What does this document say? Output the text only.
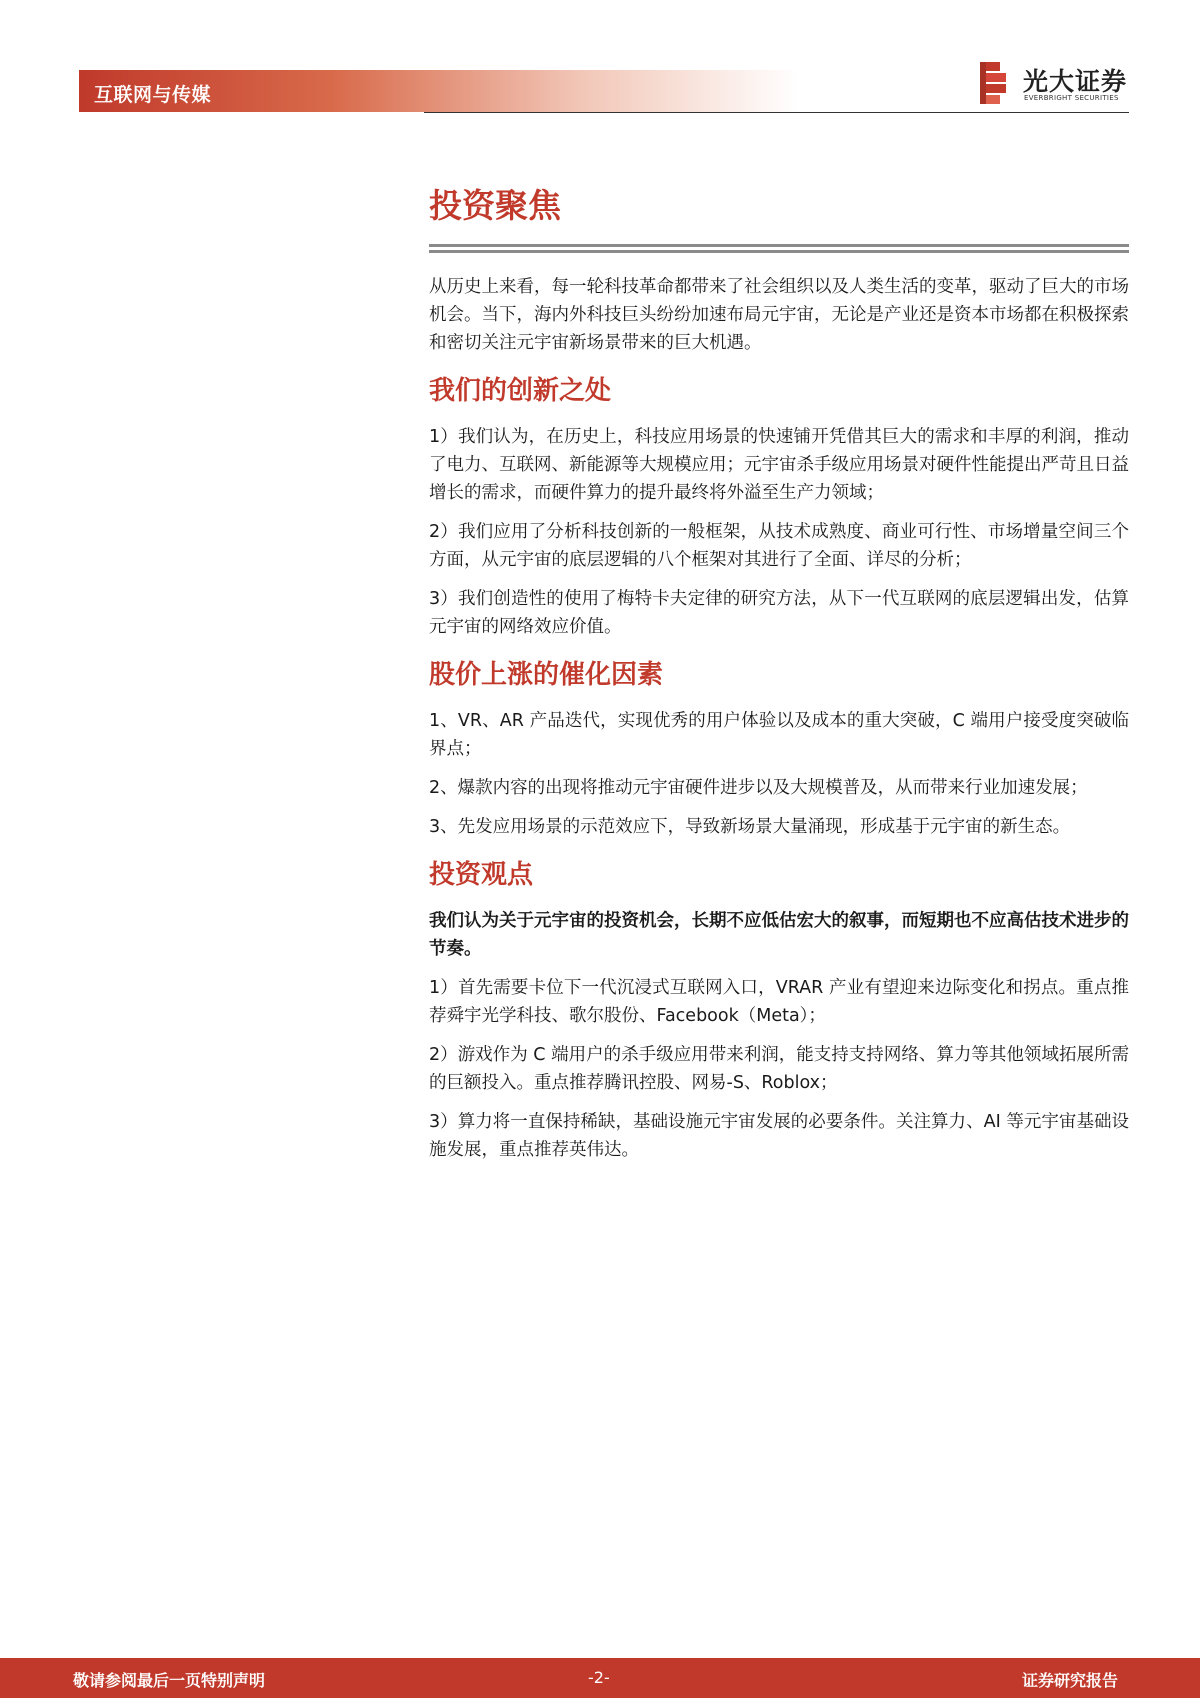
互联网与传媒	光大证券
EVERBRIGHT SECURITIES
投资聚焦

从历史上来看，每一轮科技革命都带来了社会组织以及人类生活的变革，驱动了巨大的市场机会。当下，海内外科技巨头纷纷加速布局元宇宙，无论是产业还是资本市场都在积极探索和密切关注元宇宙新场景带来的巨大机遇。

我们的创新之处

1）我们认为，在历史上，科技应用场景的快速铺开凭借其巨大的需求和丰厚的利润，推动了电力、互联网、新能源等大规模应用；元宇宙杀手级应用场景对硬件性能提出严苛且日益增长的需求，而硬件算力的提升最终将外溢至生产力领域；

2）我们应用了分析科技创新的一般框架，从技术成熟度、商业可行性、市场增量空间三个方面，从元宇宙的底层逻辑的八个框架对其进行了全面、详尽的分析；

3）我们创造性的使用了梅特卡夫定律的研究方法，从下一代互联网的底层逻辑出发，估算元宇宙的网络效应价值。

股价上涨的催化因素

1、VR、AR 产品迭代，实现优秀的用户体验以及成本的重大突破，C 端用户接受度突破临界点；

2、爆款内容的出现将推动元宇宙硬件进步以及大规模普及，从而带来行业加速发展；

3、先发应用场景的示范效应下，导致新场景大量涌现，形成基于元宇宙的新生态。

投资观点

我们认为关于元宇宙的投资机会，长期不应低估宏大的叙事，而短期也不应高估技术进步的节奏。

1）首先需要卡位下一代沉浸式互联网入口，VRAR 产业有望迎来边际变化和拐点。重点推荐舜宇光学科技、歌尔股份、Facebook（Meta）；

2）游戏作为 C 端用户的杀手级应用带来利润，能支持支持网络、算力等其他领域拓展所需的巨额投入。重点推荐腾讯控股、网易-S、Roblox；

3）算力将一直保持稀缺，基础设施元宇宙发展的必要条件。关注算力、AI 等元宇宙基础设施发展，重点推荐英伟达。

敬请参阅最后一页特别声明	-2-	证券研究报告
